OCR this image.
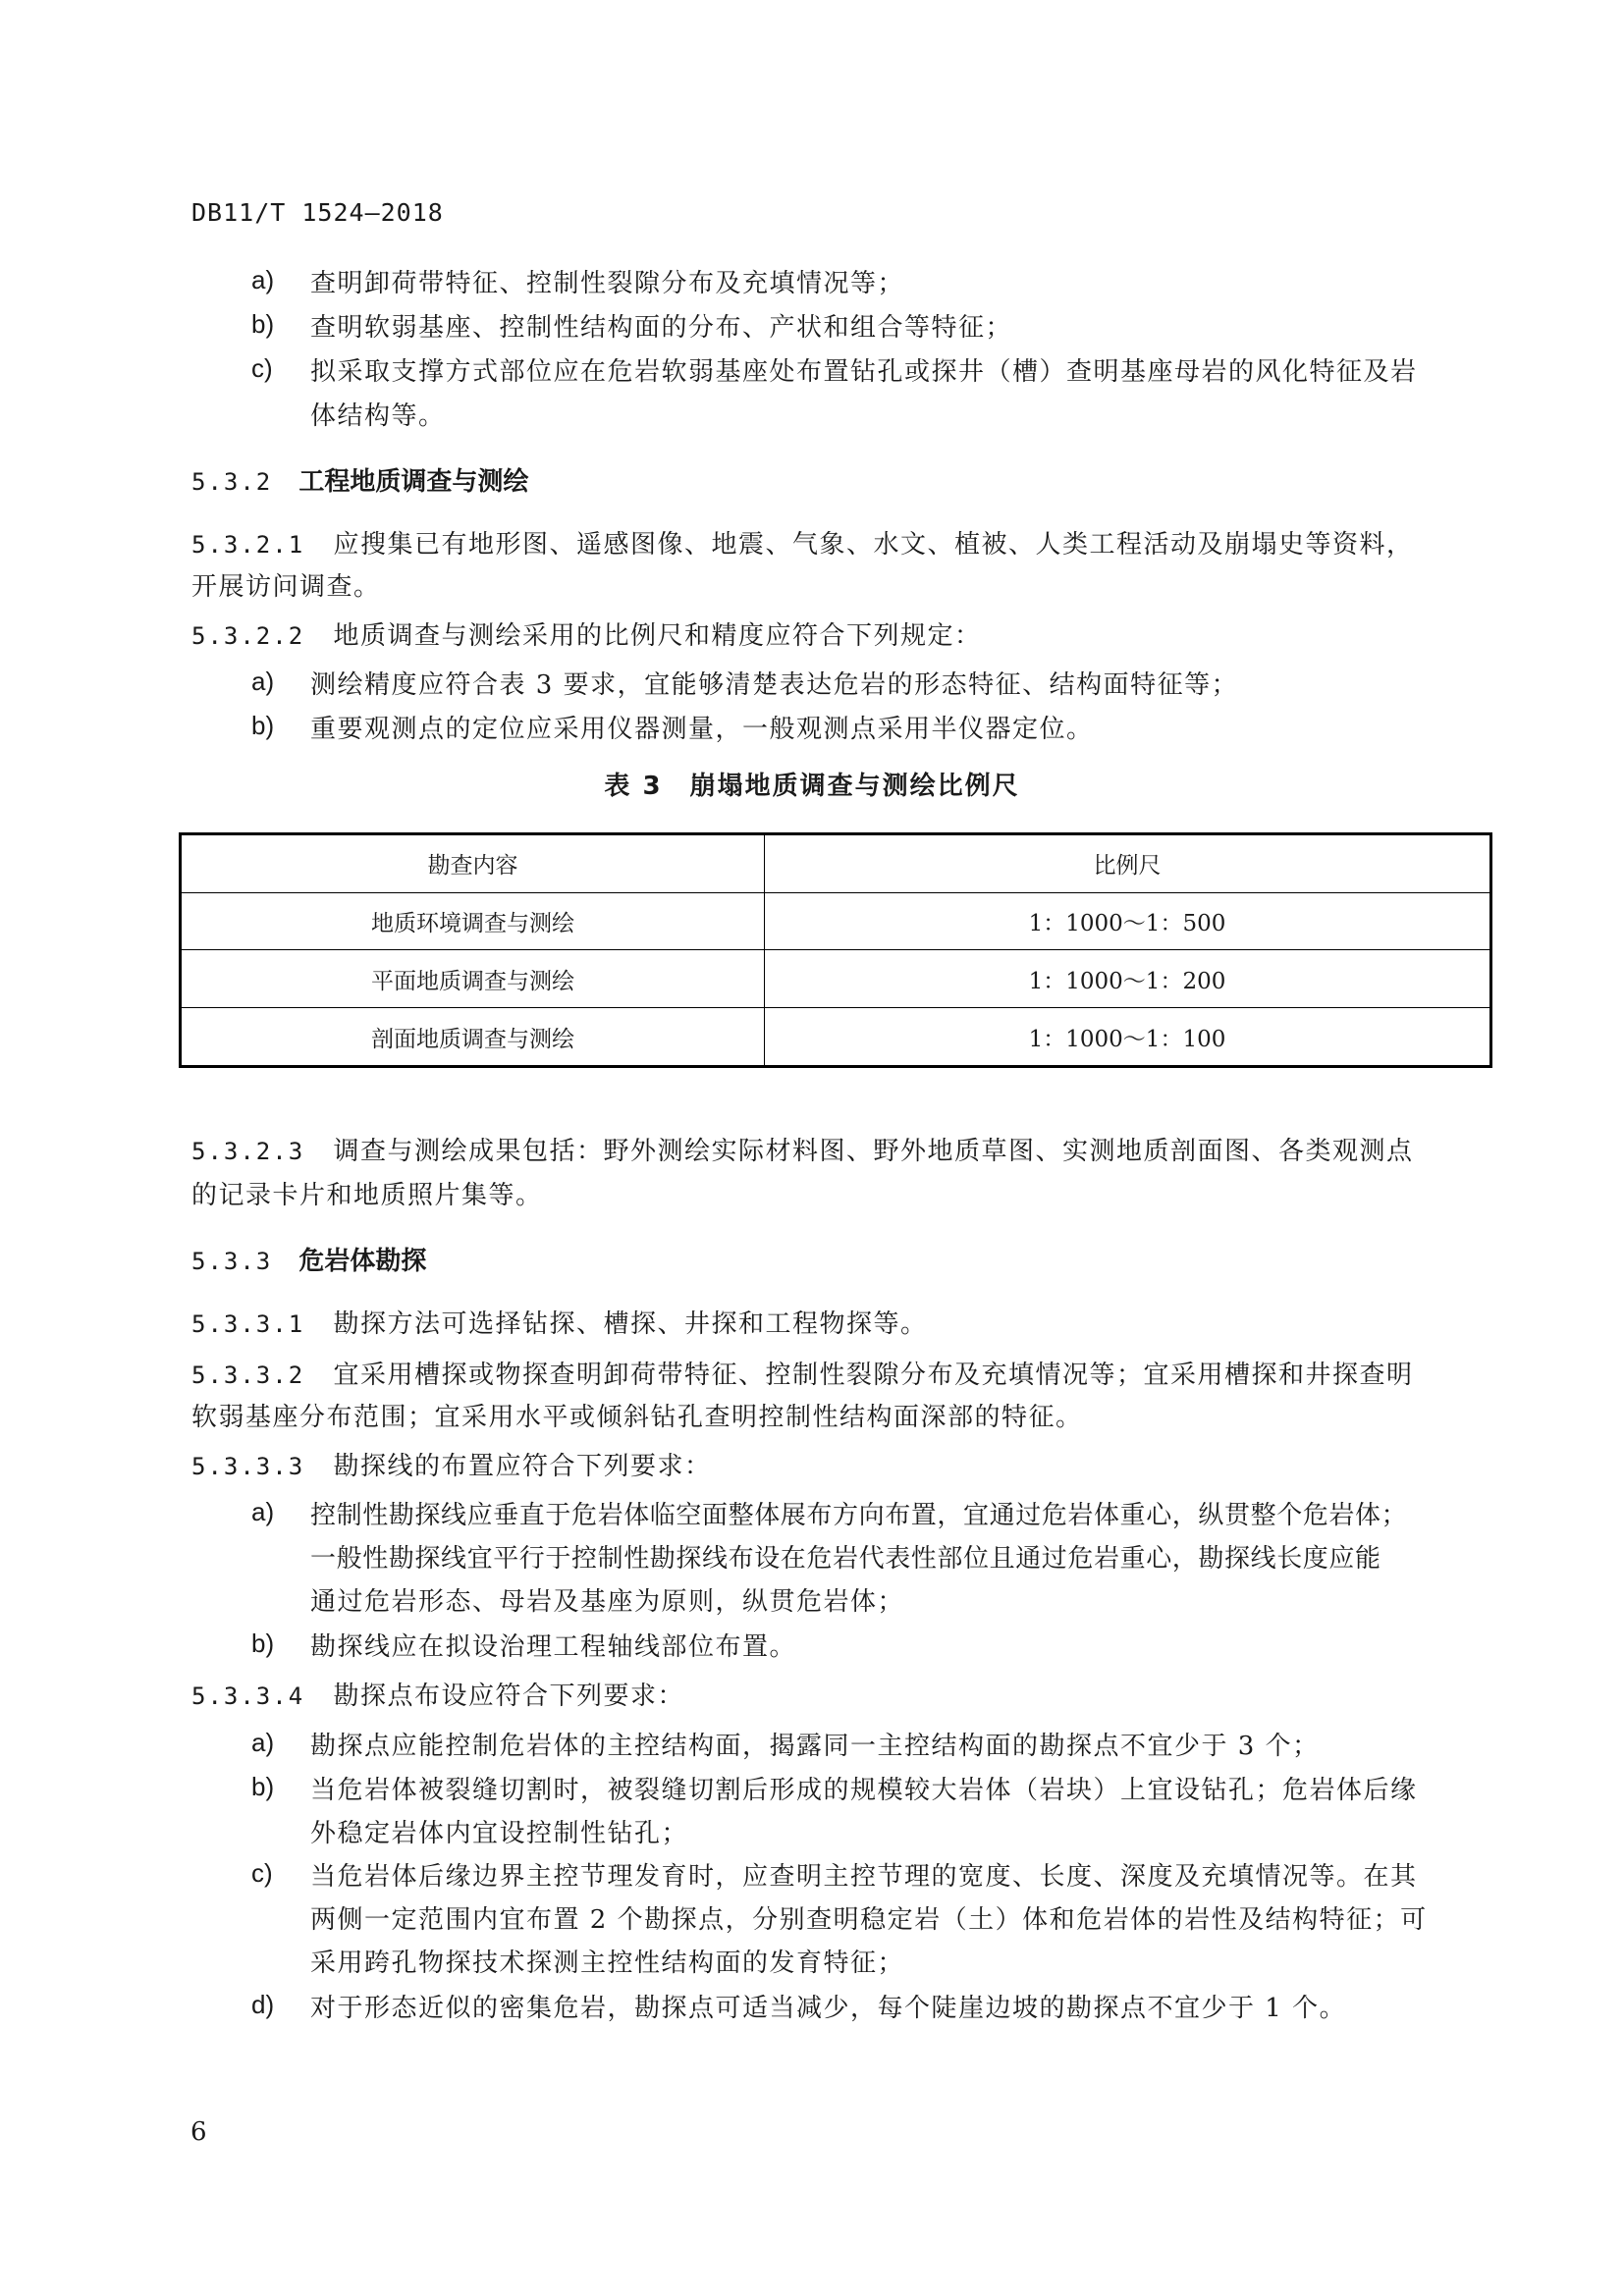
DB11/T 1524—2018
a) 查明卸荷带特征、控制性裂隙分布及充填情况等；
b) 查明软弱基座、控制性结构面的分布、产状和组合等特征；
c) 拟采取支撑方式部位应在危岩软弱基座处布置钻孔或探井（槽）查明基座母岩的风化特征及岩
体结构等。
5.3.2 工程地质调查与测绘
5.3.2.1 应搜集已有地形图、遥感图像、地震、气象、水文、植被、人类工程活动及崩塌史等资料，
开展访问调查。
5.3.2.2 地质调查与测绘采用的比例尺和精度应符合下列规定：
a) 测绘精度应符合表 3 要求，宜能够清楚表达危岩的形态特征、结构面特征等；
b) 重要观测点的定位应采用仪器测量，一般观测点采用半仪器定位。
表 3　崩塌地质调查与测绘比例尺
勘查内容	比例尺
地质环境调查与测绘	1：1000～1：500
平面地质调查与测绘	1：1000～1：200
剖面地质调查与测绘	1：1000～1：100
5.3.2.3 调查与测绘成果包括：野外测绘实际材料图、野外地质草图、实测地质剖面图、各类观测点
的记录卡片和地质照片集等。
5.3.3 危岩体勘探
5.3.3.1 勘探方法可选择钻探、槽探、井探和工程物探等。
5.3.3.2 宜采用槽探或物探查明卸荷带特征、控制性裂隙分布及充填情况等；宜采用槽探和井探查明
软弱基座分布范围；宜采用水平或倾斜钻孔查明控制性结构面深部的特征。
5.3.3.3 勘探线的布置应符合下列要求：
a) 控制性勘探线应垂直于危岩体临空面整体展布方向布置，宜通过危岩体重心，纵贯整个危岩体；
一般性勘探线宜平行于控制性勘探线布设在危岩代表性部位且通过危岩重心，勘探线长度应能
通过危岩形态、母岩及基座为原则，纵贯危岩体；
b) 勘探线应在拟设治理工程轴线部位布置。
5.3.3.4 勘探点布设应符合下列要求：
a) 勘探点应能控制危岩体的主控结构面，揭露同一主控结构面的勘探点不宜少于 3 个；
b) 当危岩体被裂缝切割时，被裂缝切割后形成的规模较大岩体（岩块）上宜设钻孔；危岩体后缘
外稳定岩体内宜设控制性钻孔；
c) 当危岩体后缘边界主控节理发育时，应查明主控节理的宽度、长度、深度及充填情况等。在其
两侧一定范围内宜布置 2 个勘探点，分别查明稳定岩（土）体和危岩体的岩性及结构特征；可
采用跨孔物探技术探测主控性结构面的发育特征；
d) 对于形态近似的密集危岩，勘探点可适当减少，每个陡崖边坡的勘探点不宜少于 1 个。
6
